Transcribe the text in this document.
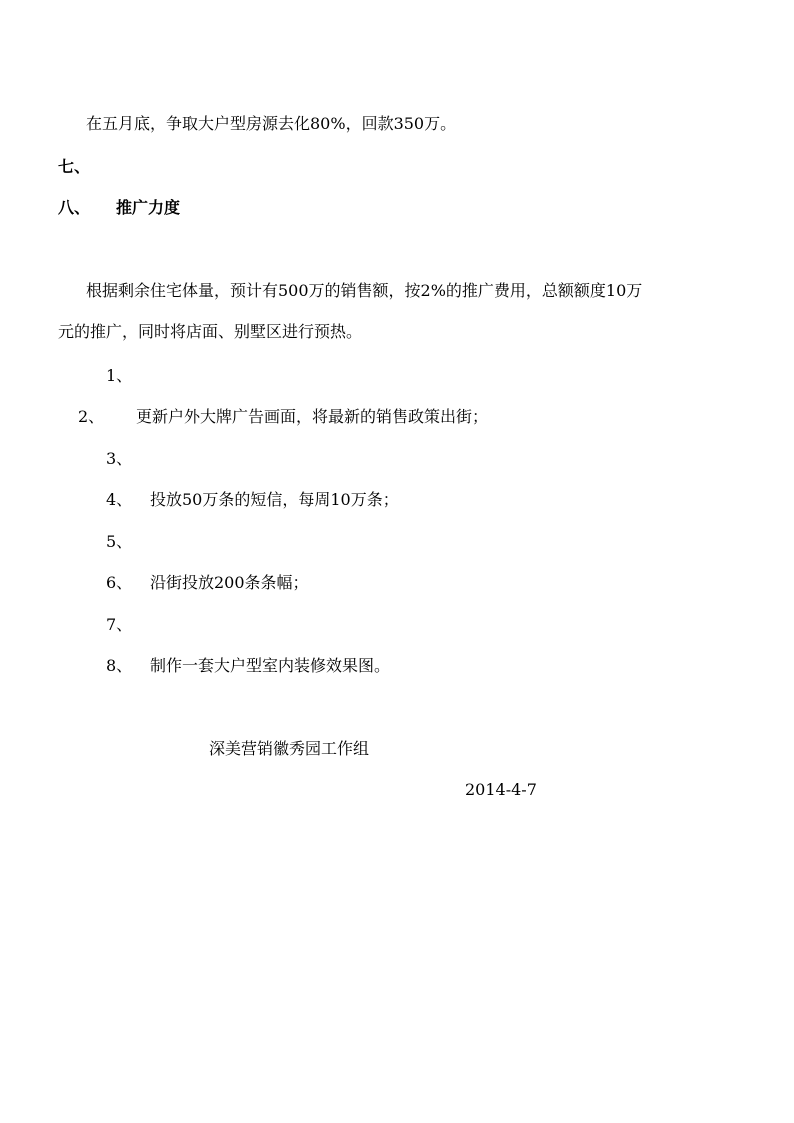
在五月底，争取大户型房源去化80%，回款350万。
七、
八、 推广力度
根据剩余住宅体量，预计有500万的销售额，按2%的推广费用，总额额度10万
元的推广，同时将店面、别墅区进行预热。
1、
2、 更新户外大牌广告画面，将最新的销售政策出街；
3、
4、 投放50万条的短信，每周10万条；
5、
6、 沿街投放200条条幅；
7、
8、 制作一套大户型室内装修效果图。
深美营销徽秀园工作组
2014-4-7
